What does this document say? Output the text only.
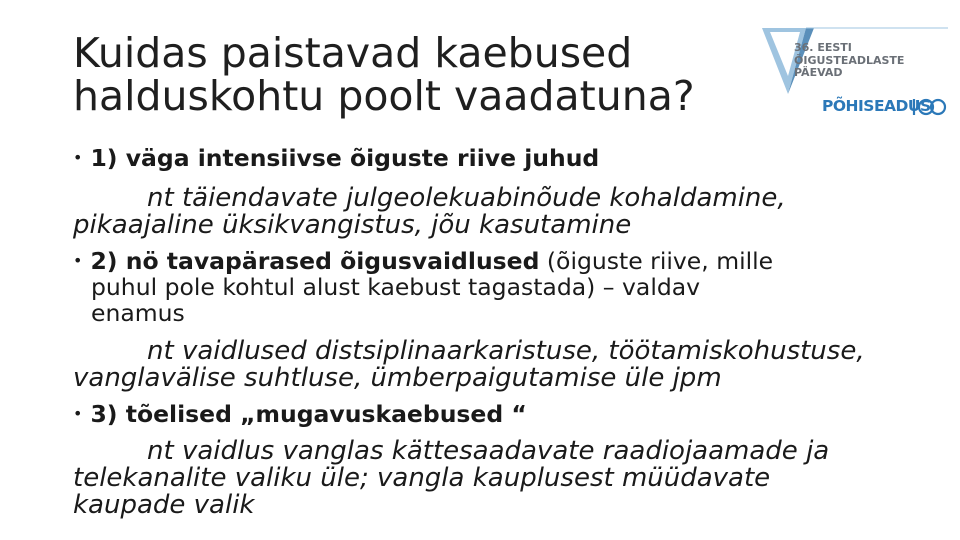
Kuidas paistavad kaebused
halduskohtu poolt vaadatuna?
36. EESTI
ÕIGUSTEADLASTE
PÄEVAD
PÕHISEADUS
• 1) väga intensiivse õiguste riive juhud
nt täiendavate julgeolekuabinõude kohaldamine,
pikaajaline üksikvangistus, jõu kasutamine
• 2) nö tavapärased õigusvaidlused (õiguste riive, mille
puhul pole kohtul alust kaebust tagastada) – valdav
enamus
nt vaidlused distsiplinaarkaristuse, töötamiskohustuse,
vanglavälise suhtluse, ümberpaigutamise üle jpm
• 3) tõelised „mugavuskaebused “
nt vaidlus vanglas kättesaadavate raadiojaamade ja
telekanalite valiku üle; vangla kauplusest müüdavate
kaupade valik
